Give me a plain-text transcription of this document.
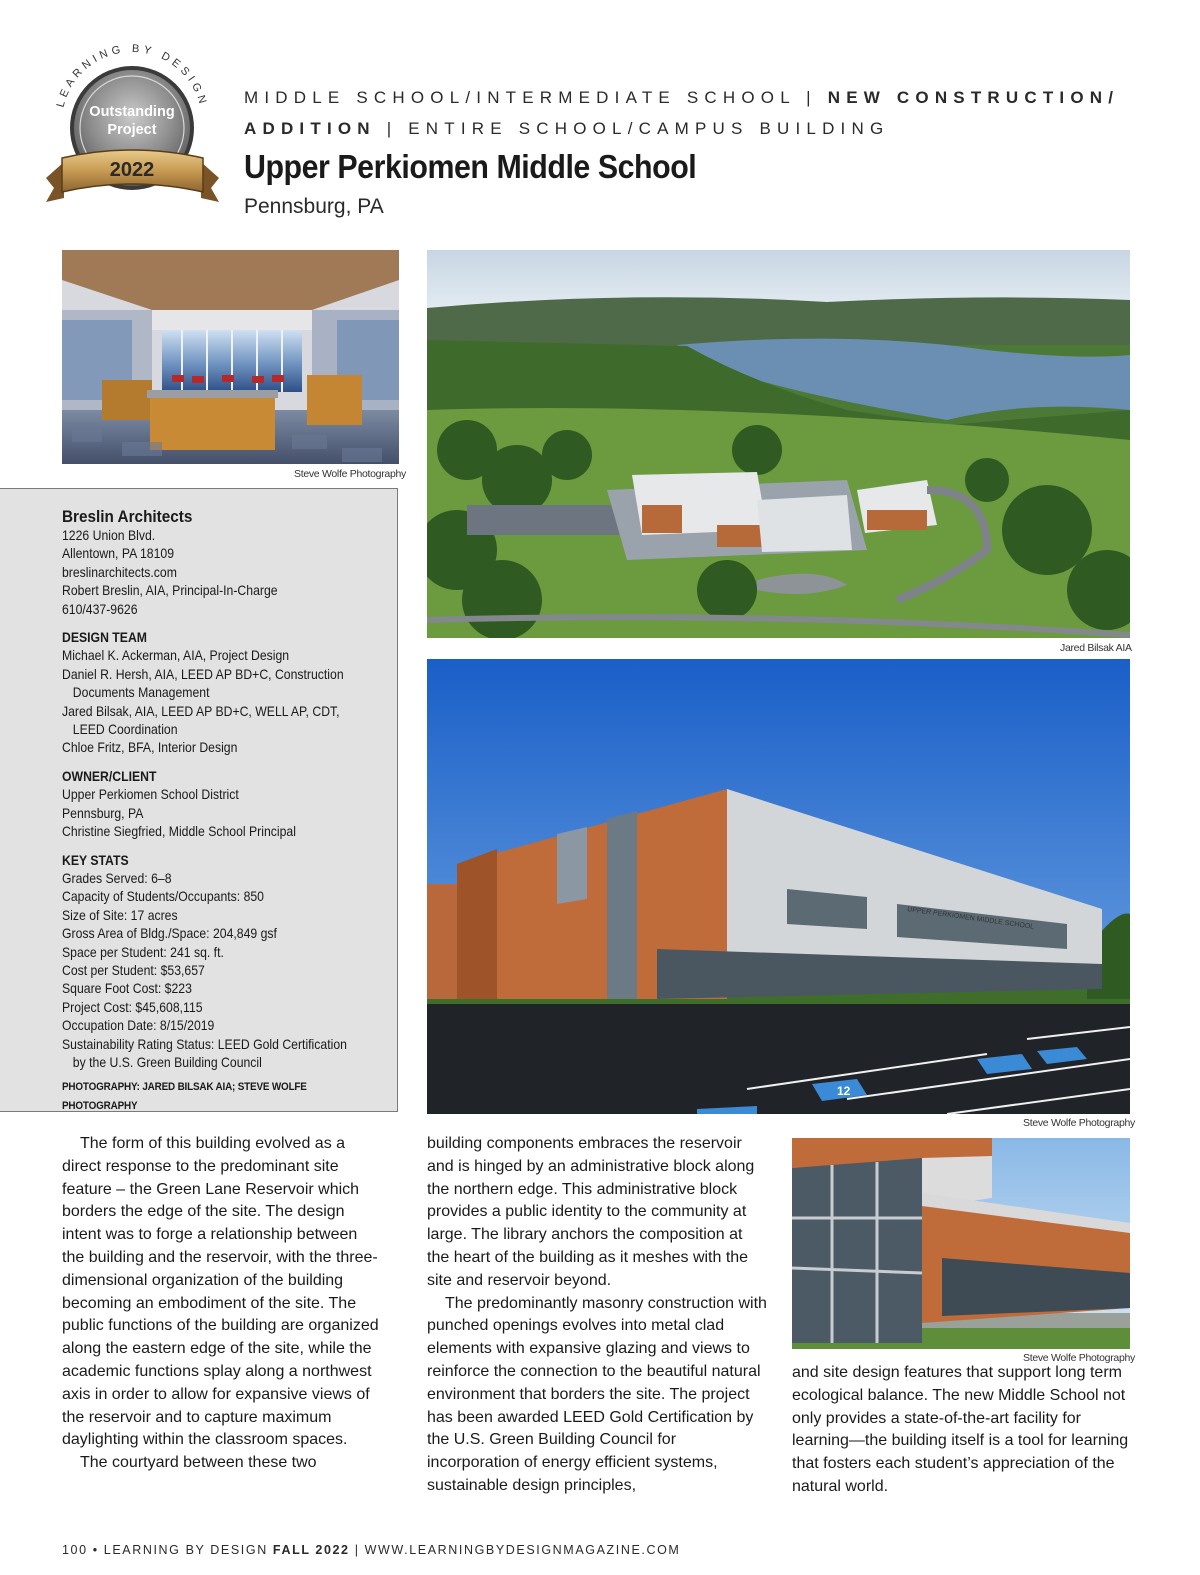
LEARNING BY DESIGN
Outstanding
Project
2022
MIDDLE SCHOOL/INTERMEDIATE SCHOOL | NEW CONSTRUCTION/
ADDITION | ENTIRE SCHOOL/CAMPUS BUILDING
Upper Perkiomen Middle School
Pennsburg, PA
Steve Wolfe Photography
Jared Bilsak AIA
UPPER PERKIOMEN MIDDLE SCHOOL
12
Steve Wolfe Photography
Steve Wolfe Photography
Breslin Architects
1226 Union Blvd.
Allentown, PA 18109
breslinarchitects.com
Robert Breslin, AIA, Principal-In-Charge
610/437-9626
DESIGN TEAM
Michael K. Ackerman, AIA, Project Design
Daniel R. Hersh, AIA, LEED AP BD+C, Construction Documents Management
Jared Bilsak, AIA, LEED AP BD+C, WELL AP, CDT, LEED Coordination
Chloe Fritz, BFA, Interior Design
OWNER/CLIENT
Upper Perkiomen School District
Pennsburg, PA
Christine Siegfried, Middle School Principal
KEY STATS
Grades Served: 6–8
Capacity of Students/Occupants: 850
Size of Site: 17 acres
Gross Area of Bldg./Space: 204,849 gsf
Space per Student: 241 sq. ft.
Cost per Student: $53,657
Square Foot Cost: $223
Project Cost: $45,608,115
Occupation Date: 8/15/2019
Sustainability Rating Status: LEED Gold Certification by the U.S. Green Building Council
PHOTOGRAPHY: JARED BILSAK AIA; STEVE WOLFE PHOTOGRAPHY

The form of this building evolved as a direct response to the predominant site feature – the Green Lane Reservoir which borders the edge of the site. The design intent was to forge a relationship between the building and the reservoir, with the three-dimensional organization of the building becoming an embodiment of the site. The public functions of the building are organized along the eastern edge of the site, while the academic functions splay along a northwest axis in order to allow for expansive views of the reservoir and to capture maximum daylighting within the classroom spaces.

The courtyard between these two

building components embraces the reservoir and is hinged by an administrative block along the northern edge. This administrative block provides a public identity to the community at large. The library anchors the composition at the heart of the building as it meshes with the site and reservoir beyond.

The predominantly masonry construction with punched openings evolves into metal clad elements with expansive glazing and views to reinforce the connection to the beautiful natural environment that borders the site. The project has been awarded LEED Gold Certification by the U.S. Green Building Council for incorporation of energy efficient systems, sustainable design principles,

and site design features that support long term ecological balance. The new Middle School not only provides a state-of-the-art facility for learning—the building itself is a tool for learning that fosters each student’s appreciation of the natural world.

100 • LEARNING BY DESIGN FALL 2022 | WWW.LEARNINGBYDESIGNMAGAZINE.COM
